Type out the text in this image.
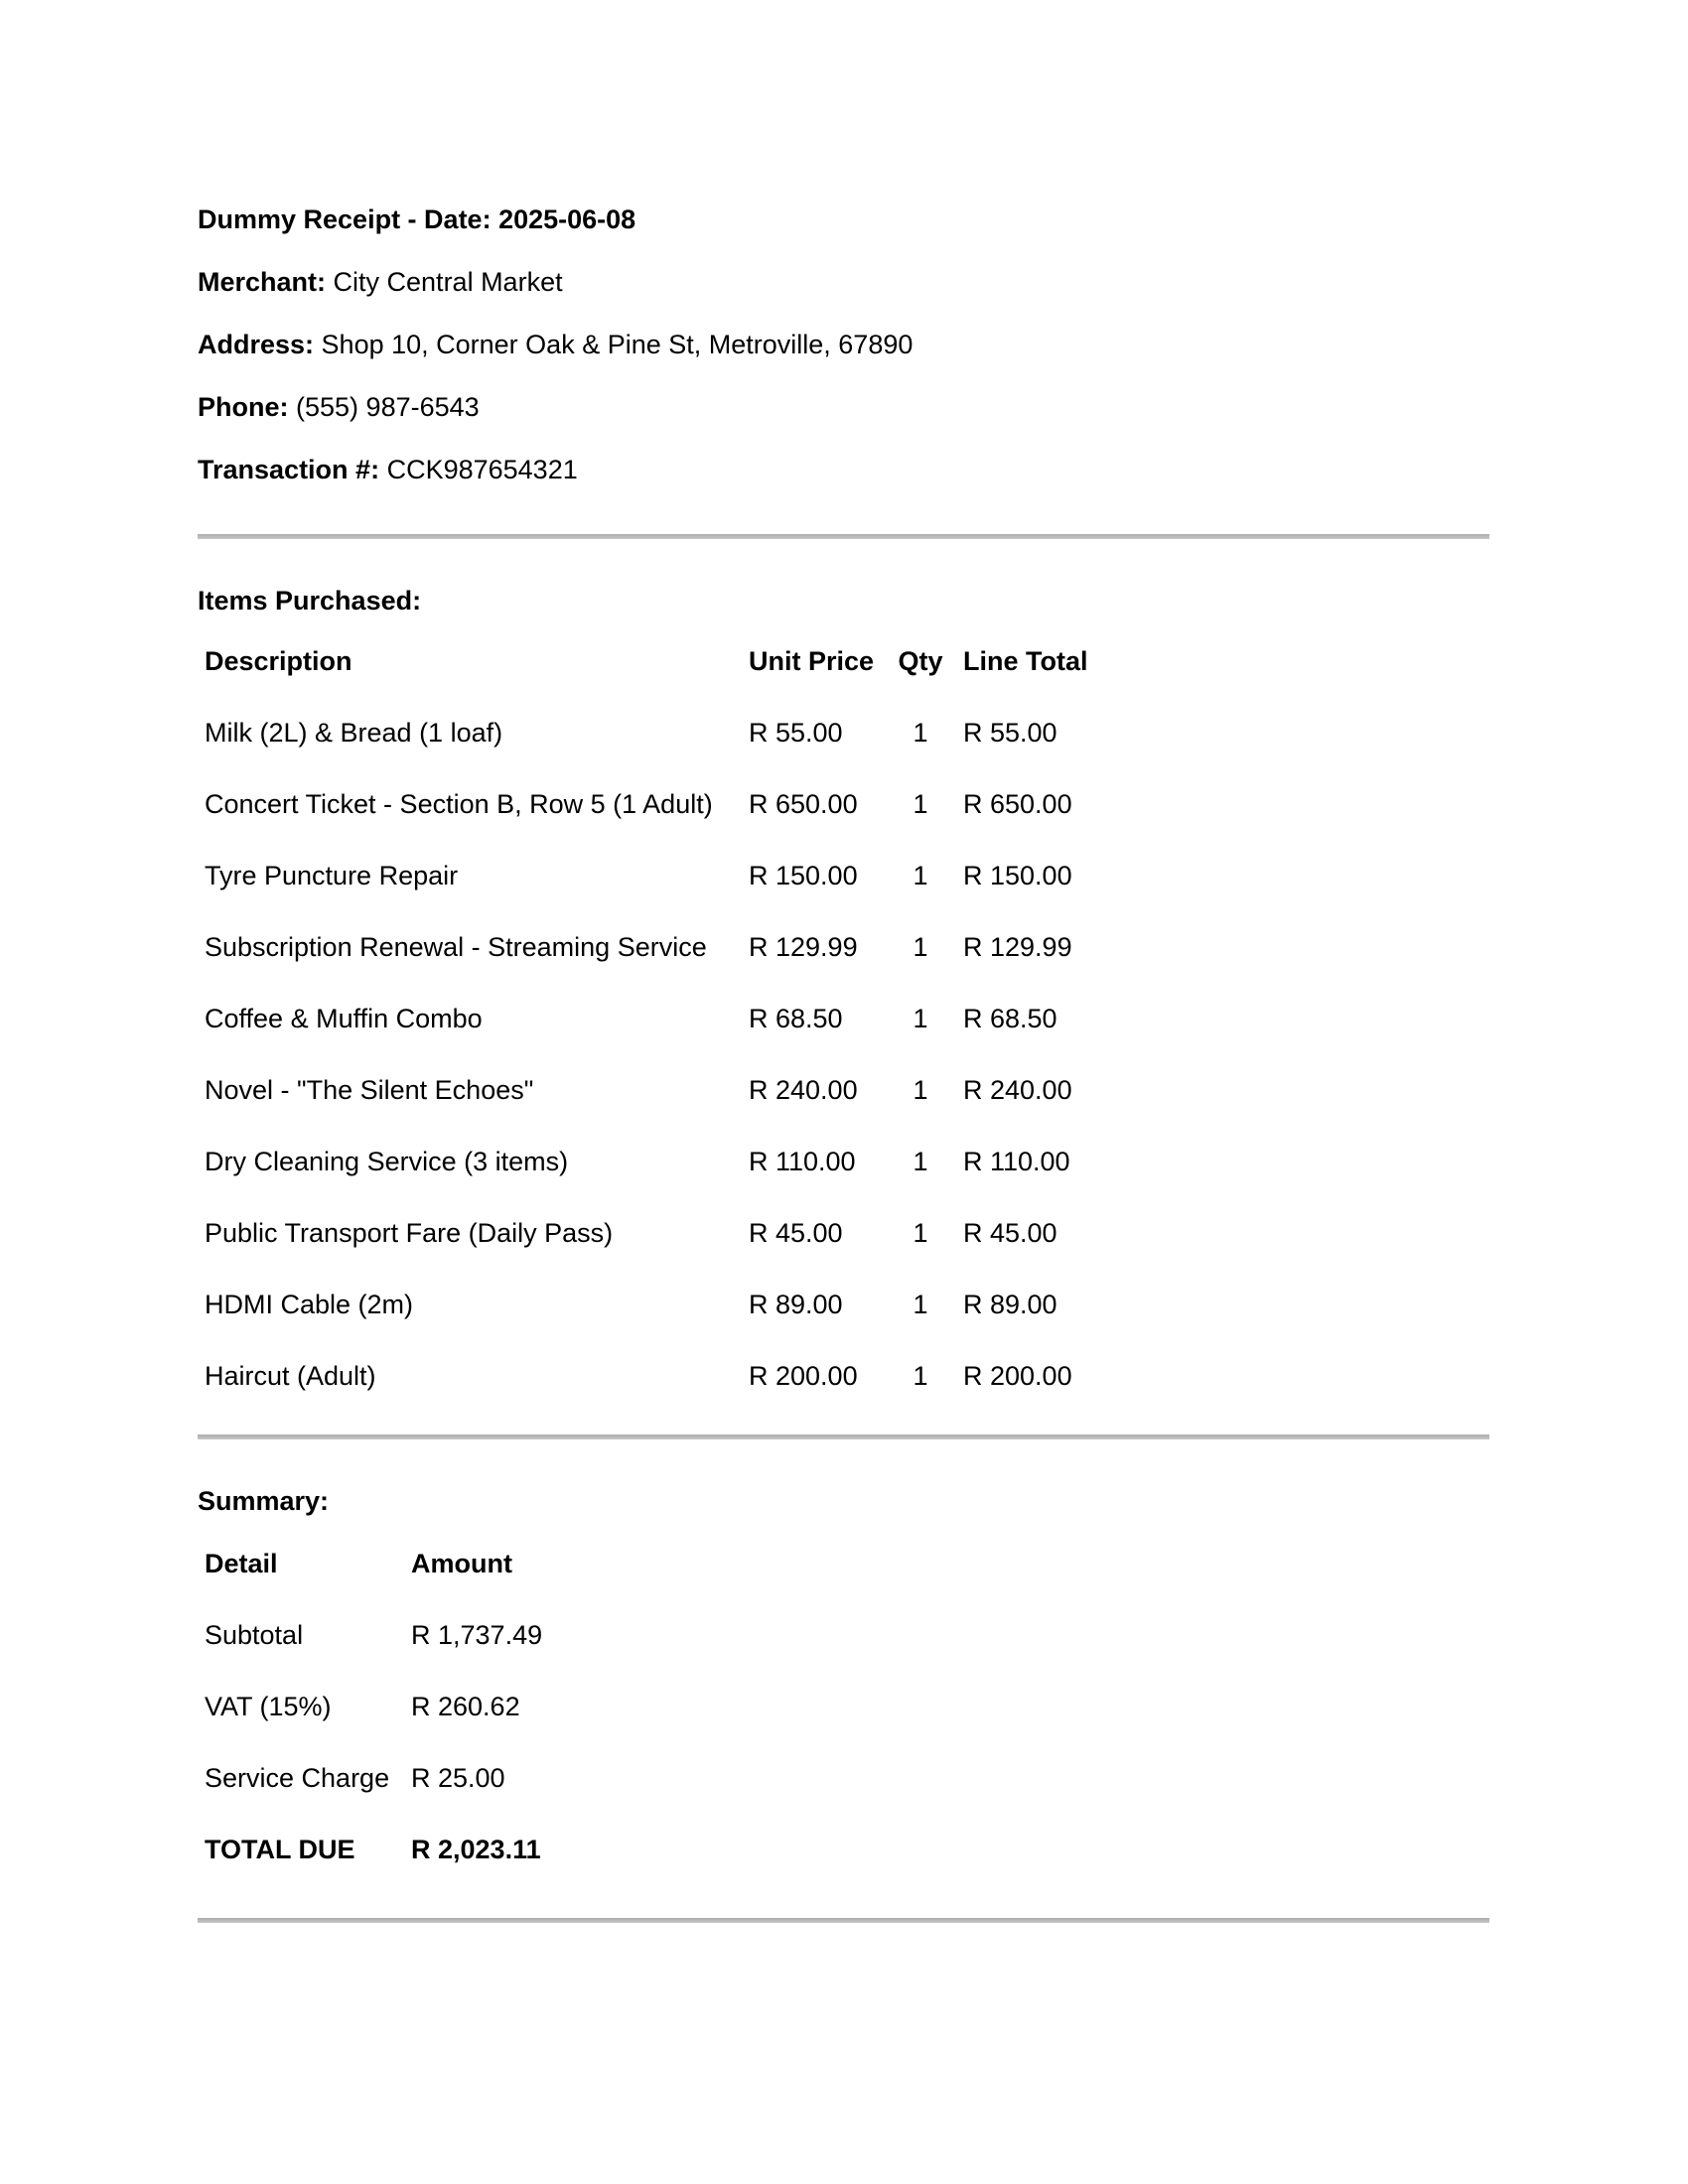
Dummy Receipt - Date: 2025-06-08

Merchant: City Central Market

Address: Shop 10, Corner Oak & Pine St, Metroville, 67890

Phone: (555) 987-6543

Transaction #: CCK987654321

Items Purchased:

Description	Unit Price	Qty	Line Total
Milk (2L) & Bread (1 loaf)	R 55.00	1	R 55.00
Concert Ticket - Section B, Row 5 (1 Adult)	R 650.00	1	R 650.00
Tyre Puncture Repair	R 150.00	1	R 150.00
Subscription Renewal - Streaming Service	R 129.99	1	R 129.99
Coffee & Muffin Combo	R 68.50	1	R 68.50
Novel - "The Silent Echoes"	R 240.00	1	R 240.00
Dry Cleaning Service (3 items)	R 110.00	1	R 110.00
Public Transport Fare (Daily Pass)	R 45.00	1	R 45.00
HDMI Cable (2m)	R 89.00	1	R 89.00
Haircut (Adult)	R 200.00	1	R 200.00

Summary:

Detail	Amount
Subtotal	R 1,737.49
VAT (15%)	R 260.62
Service Charge	R 25.00
TOTAL DUE	R 2,023.11
